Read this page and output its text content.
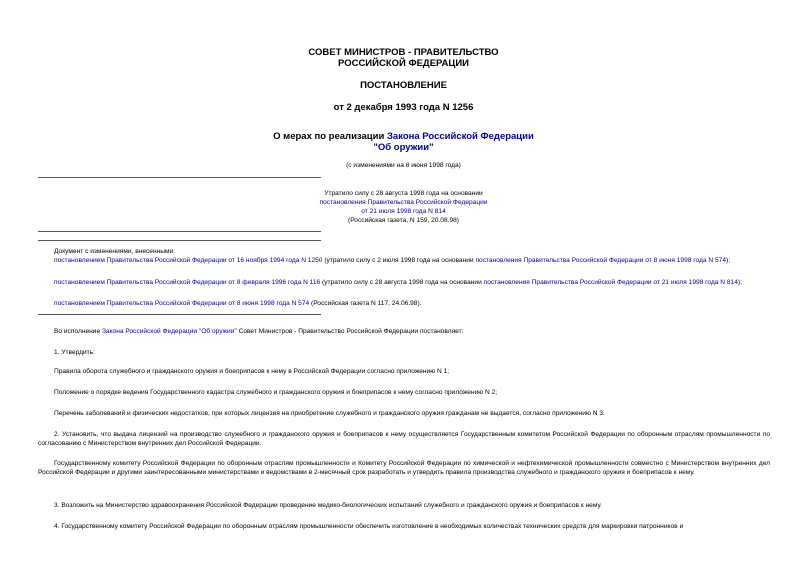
СОВЕТ МИНИСТРОВ - ПРАВИТЕЛЬСТВО
РОССИЙСКОЙ ФЕДЕРАЦИИ
ПОСТАНОВЛЕНИЕ
от 2 декабря 1993 года N 1256
О мерах по реализации Закона Российской Федерации
"Об оружии"
(с изменениями на 8 июня 1998 года)
Утратило силу с 28 августа 1998 года на основании
постановления Правительства Российской Федерации
от 21 июля 1998 года N 814
(Российская газета, N 159, 20.08.98)
Документ с изменениями, внесенными:
постановлением Правительства Российской Федерации от 16 ноября 1994 года N 1250 (утратило силу с 2 июля 1998 года на основании постановления Правительства Российской Федерации от 8 июня 1998 года N 574);
постановлением Правительства Российской Федерации от 8 февраля 1996 года N 116 (утратило силу с 28 августа 1998 года на основании постановления Правительства Российской Федерации от 21 июля 1998 года N 814);
постановлением Правительства Российской Федерации от 8 июня 1998 года N 574 (Российская газета N 117, 24.06.98).
Во исполнение Закона Российской Федерации "Об оружии" Совет Министров - Правительство Российской Федерации постановляет:
1. Утвердить:
Правила оборота служебного и гражданского оружия и боеприпасов к нему в Российской Федерации согласно приложению N 1;
Положение о порядке ведения Государственного кадастра служебного и гражданского оружия и боеприпасов к нему согласно приложению N 2;
Перечень заболеваний и физических недостатков, при которых лицензия на приобретение служебного и гражданского оружия гражданам не выдается, согласно приложению N 3.
2. Установить, что выдача лицензий на производство служебного и гражданского оружия и боеприпасов к нему осуществляется Государственным комитетом Российской Федерации по оборонным отраслям промышленности по согласованию с Министерством внутренних дел Российской Федерации.
Государственному комитету Российской Федерации по оборонным отраслям промышленности и Комитету Российской Федерации по химической и нефтехимической промышленности совместно с Министерством внутренних дел Российской Федерации и другими заинтересованными министерствами и ведомствами в 2-месячный срок разработать и утвердить правила производства служебного и гражданского оружия и боеприпасов к нему.
3. Возложить на Министерство здравоохранения Российской Федерации проведение медико-биологических испытаний служебного и гражданского оружия и боеприпасов к нему.
4. Государственному комитету Российской Федерации по оборонным отраслям промышленности обеспечить изготовление в необходимых количествах технических средств для маркировки патронников и
